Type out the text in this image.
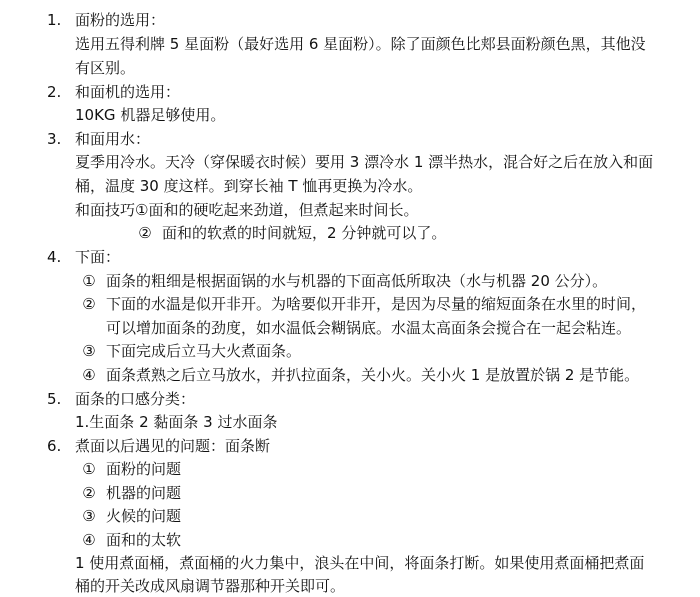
1. 面粉的选用：
选用五得利牌 5 星面粉（最好选用 6 星面粉）。除了面颜色比郏县面粉颜色黑，其他没
有区别。
2. 和面机的选用：
10KG 机器足够使用。
3. 和面用水：
夏季用冷水。天冷（穿保暖衣时候）要用 3 漂冷水 1 漂半热水，混合好之后在放入和面
桶，温度 30 度这样。到穿长袖 T 恤再更换为冷水。
和面技巧①面和的硬吃起来劲道，但煮起来时间长。
② 面和的软煮的时间就短，2 分钟就可以了。
4. 下面：
① 面条的粗细是根据面锅的水与机器的下面高低所取决（水与机器 20 公分）。
② 下面的水温是似开非开。为啥要似开非开，是因为尽量的缩短面条在水里的时间，
可以增加面条的劲度，如水温低会糊锅底。水温太高面条会搅合在一起会粘连。
③ 下面完成后立马大火煮面条。
④ 面条煮熟之后立马放水，并扒拉面条，关小火。关小火 1 是放置於锅 2 是节能。
5. 面条的口感分类：
1.生面条 2 黏面条 3 过水面条
6. 煮面以后遇见的问题：面条断
① 面粉的问题
② 机器的问题
③ 火候的问题
④ 面和的太软
1 使用煮面桶，煮面桶的火力集中，浪头在中间，将面条打断。如果使用煮面桶把煮面
桶的开关改成风扇调节器那种开关即可。
